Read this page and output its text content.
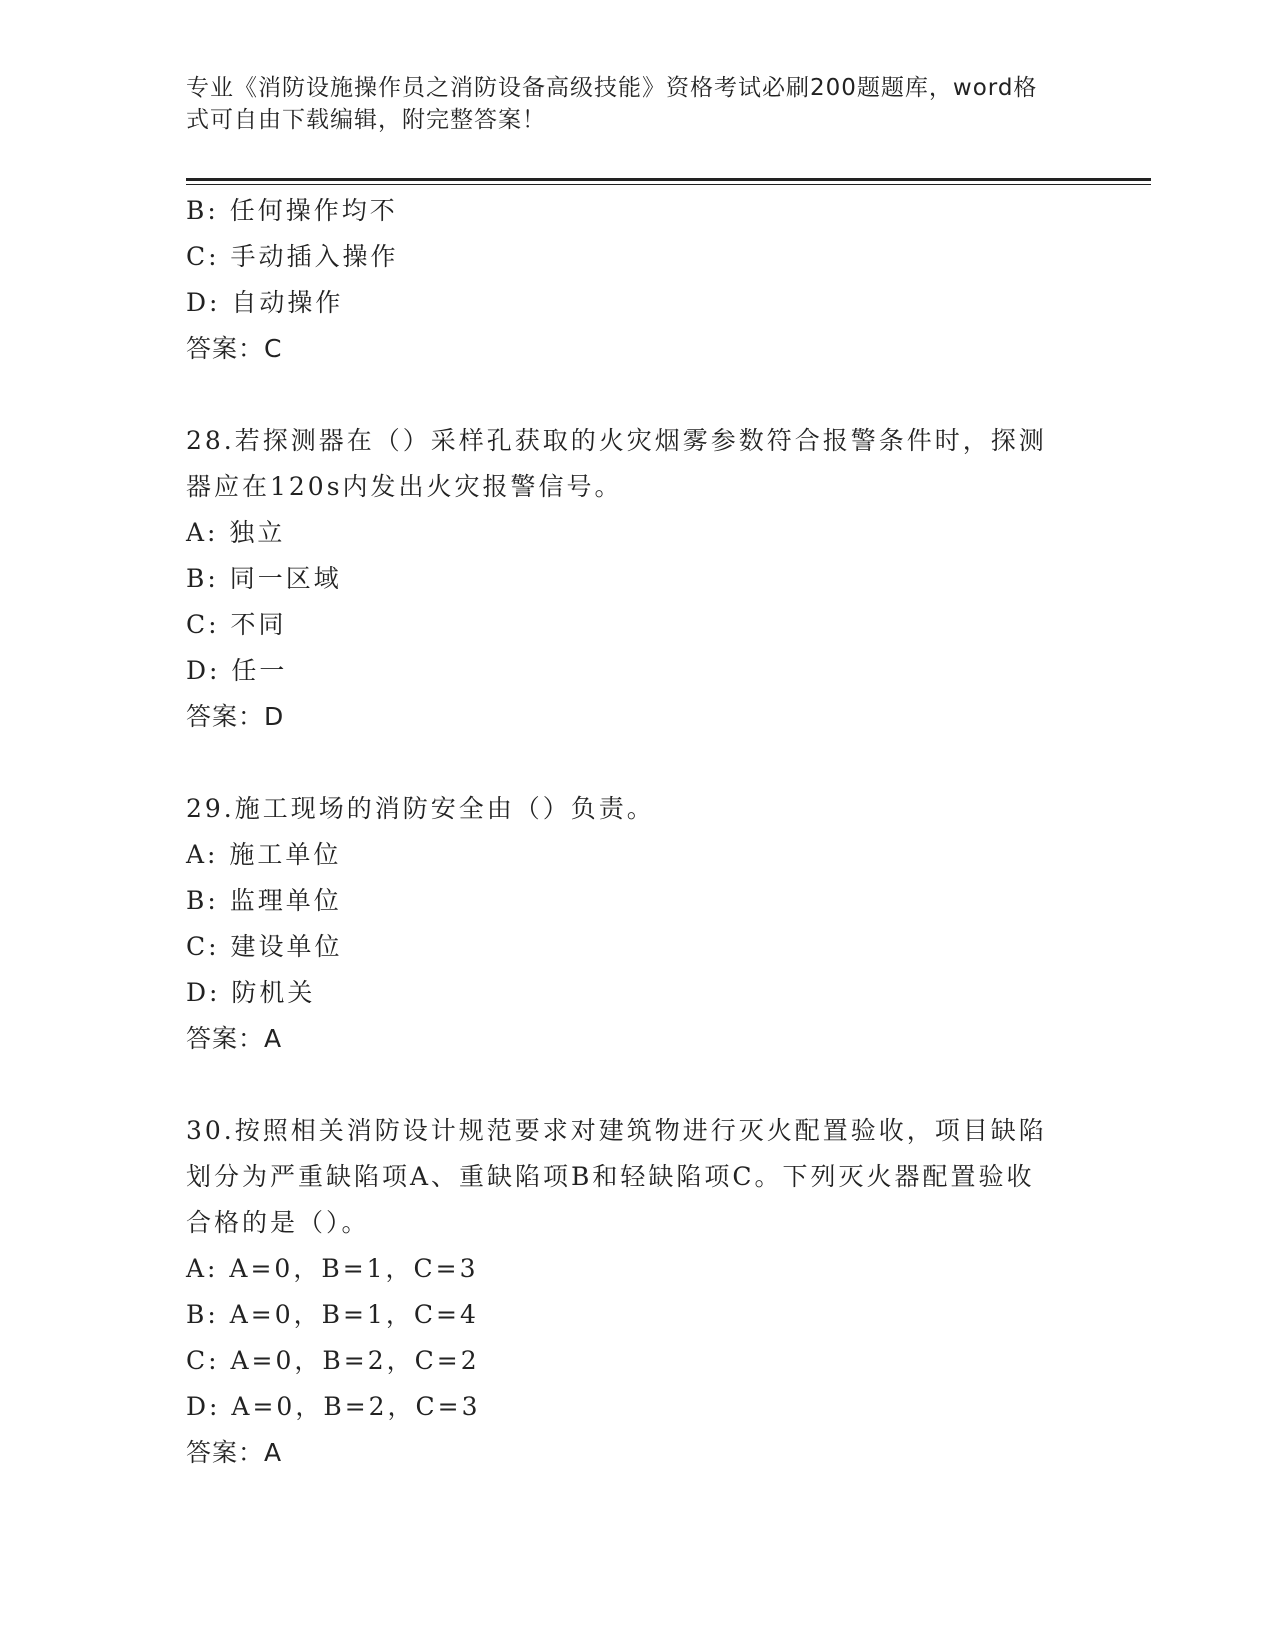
专业《消防设施操作员之消防设备高级技能》资格考试必刷200题题库，word格
式可自由下载编辑，附完整答案！
B: 任何操作均不
C: 手动插入操作
D: 自动操作
答案：C
28.若探测器在（）采样孔获取的火灾烟雾参数符合报警条件时，探测
器应在120s内发出火灾报警信号。
A: 独立
B: 同一区域
C: 不同
D: 任一
答案：D
29.施工现场的消防安全由（）负责。
A: 施工单位
B: 监理单位
C: 建设单位
D: 防机关
答案：A
30.按照相关消防设计规范要求对建筑物进行灭火配置验收，项目缺陷
划分为严重缺陷项A、重缺陷项B和轻缺陷项C。下列灭火器配置验收
合格的是（）。
A: A=0，B=1，C=3
B: A=0，B=1，C=4
C: A=0，B=2，C=2
D: A=0，B=2，C=3
答案：A
